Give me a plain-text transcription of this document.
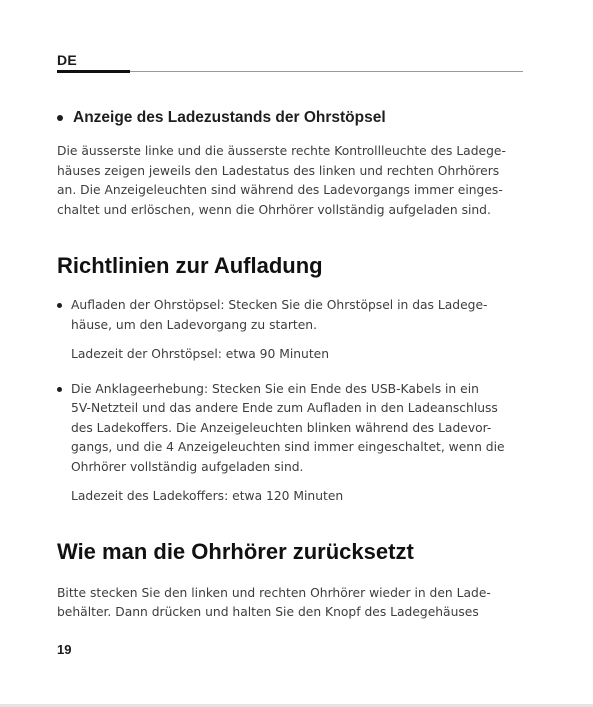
DE
Anzeige des Ladezustands der Ohrstöpsel

Die äusserste linke und die äusserste rechte Kontrollleuchte des Ladege-
häuses zeigen jeweils den Ladestatus des linken und rechten Ohrhörers
an. Die Anzeigeleuchten sind während des Ladevorgangs immer einges-
chaltet und erlöschen, wenn die Ohrhörer vollständig aufgeladen sind.

Richtlinien zur Aufladung

Aufladen der Ohrstöpsel: Stecken Sie die Ohrstöpsel in das Ladege-
häuse, um den Ladevorgang zu starten.

Ladezeit der Ohrstöpsel: etwa 90 Minuten

Die Anklageerhebung: Stecken Sie ein Ende des USB-Kabels in ein
5V-Netzteil und das andere Ende zum Aufladen in den Ladeanschluss
des Ladekoffers. Die Anzeigeleuchten blinken während des Ladevor-
gangs, und die 4 Anzeigeleuchten sind immer eingeschaltet, wenn die
Ohrhörer vollständig aufgeladen sind.

Ladezeit des Ladekoffers: etwa 120 Minuten

Wie man die Ohrhörer zurücksetzt

Bitte stecken Sie den linken und rechten Ohrhörer wieder in den Lade-
behälter. Dann drücken und halten Sie den Knopf des Ladegehäuses

19
